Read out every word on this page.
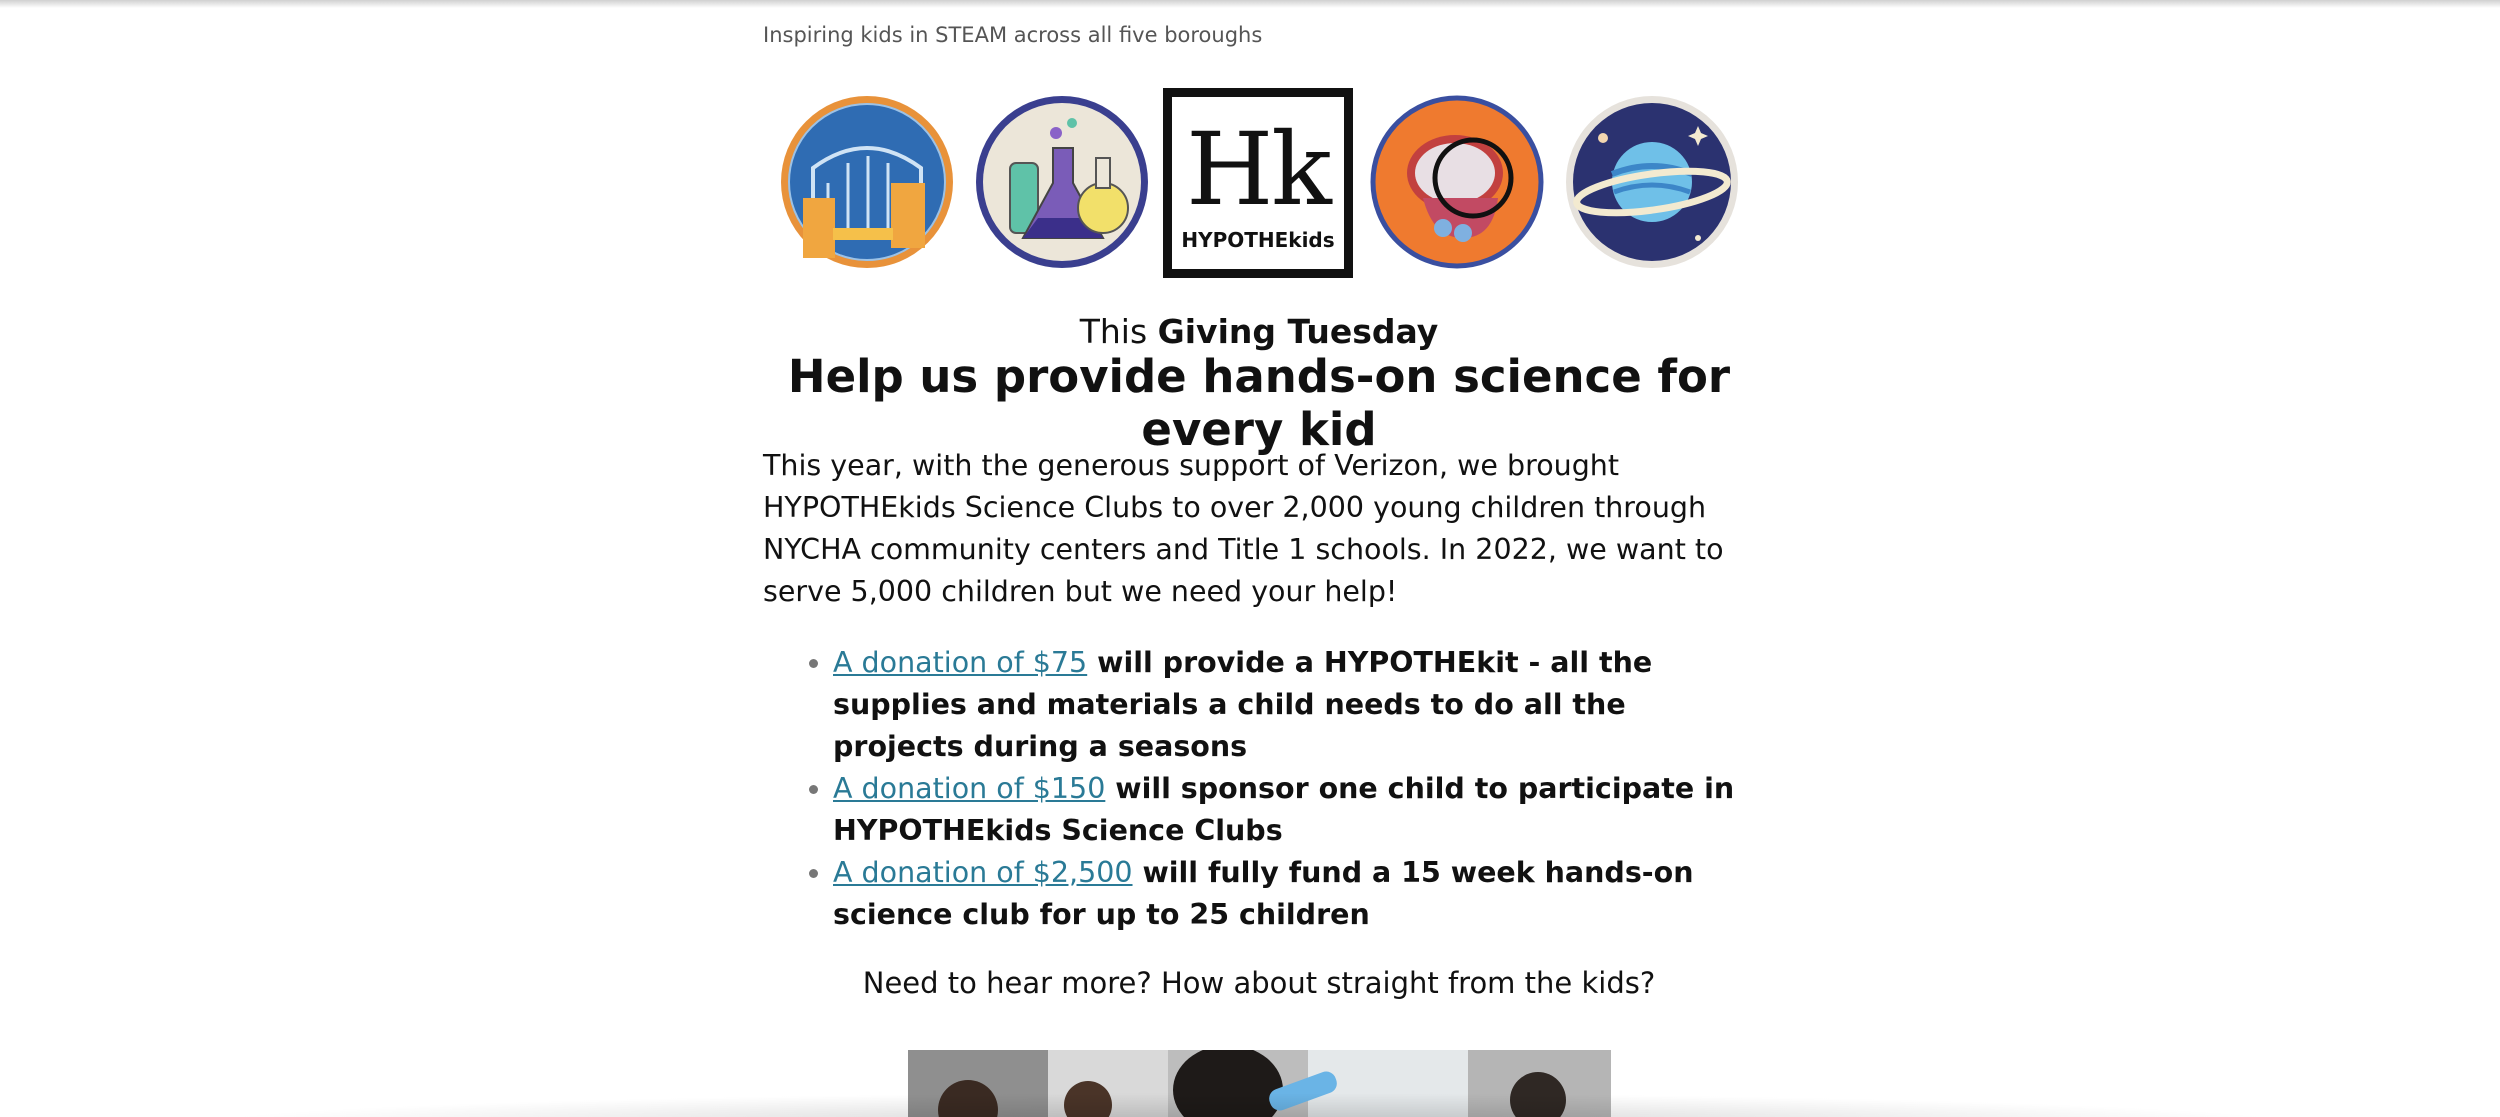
Inspiring kids in STEAM across all five boroughs
Hk
HYPOTHEkids
This Giving Tuesday
Help us provide hands-on science for every kid

This year, with the generous support of Verizon, we brought HYPOTHEkids Science Clubs to over 2,000 young children through NYCHA community centers and Title 1 schools. In 2022, we want to serve 5,000 children but we need your help!

• A donation of $75 will provide a HYPOTHEkit - all the supplies and materials a child needs to do all the projects during a seasons
• A donation of $150 will sponsor one child to participate in HYPOTHEkids Science Clubs
• A donation of $2,500 will fully fund a 15 week hands-on science club for up to 25 children
Need to hear more? How about straight from the kids?
